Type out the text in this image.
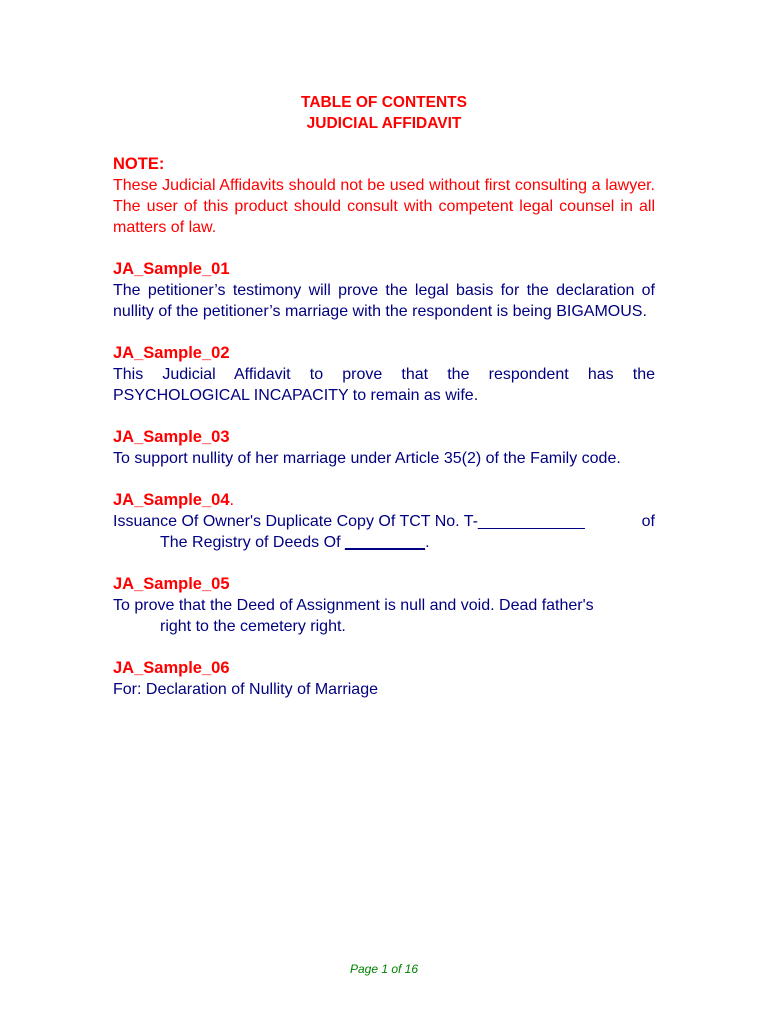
TABLE OF CONTENTS
JUDICIAL AFFIDAVIT
NOTE:
These Judicial Affidavits should not be used without first consulting a lawyer. The user of this product should consult with competent legal counsel in all matters of law.
JA_Sample_01
The petitioner’s testimony will prove the legal basis for the declaration of nullity of the petitioner’s marriage with the respondent is being BIGAMOUS.
JA_Sample_02
This Judicial Affidavit to prove that the respondent has the PSYCHOLOGICAL INCAPACITY to remain as wife.
JA_Sample_03
To support nullity of her marriage under Article 35(2) of the Family code.
JA_Sample_04.
Issuance Of Owner's Duplicate Copy Of TCT No. T-____________	of
The Registry of Deeds Of _________.
JA_Sample_05
To prove that the Deed of Assignment is null and void. Dead father's
right to the cemetery right.
JA_Sample_06
For: Declaration of Nullity of Marriage
Page 1 of 16
